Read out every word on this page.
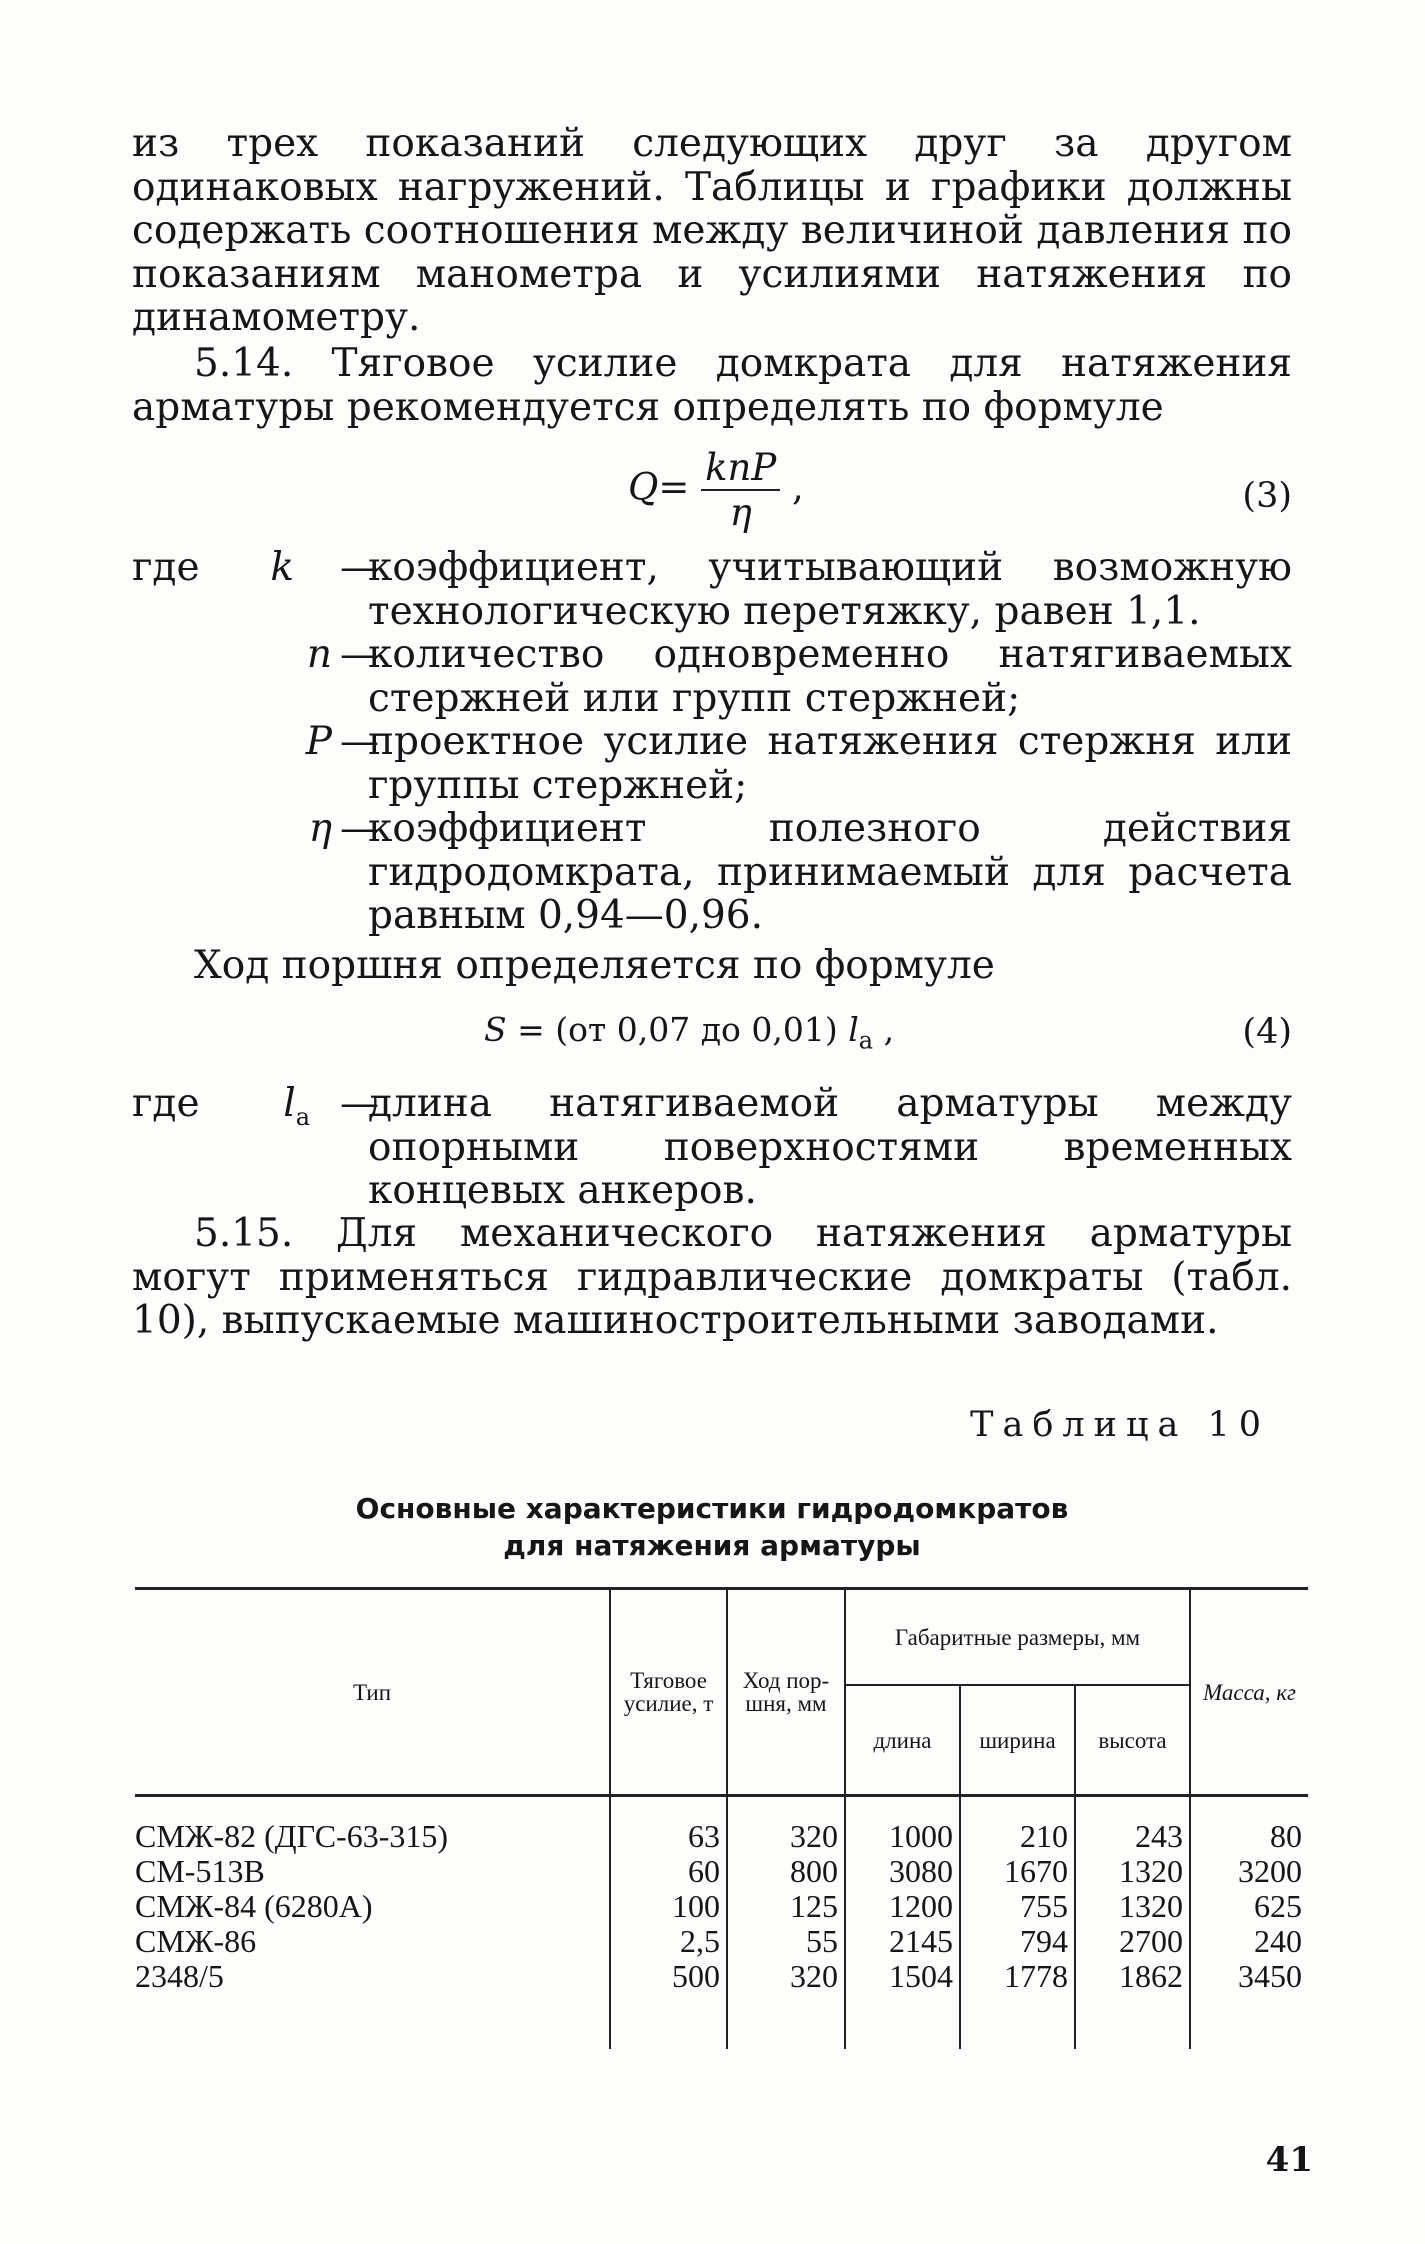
из трех показаний следующих друг за другом одинаковых нагружений. Таблицы и графики должны содержать соотношения между величиной давления по показаниям манометра и усилиями натяжения по динамометру.

5.14. Тяговое усилие домкрата для натяжения арматуры рекомендуется определять по формуле

$Q= \frac{\text{knP}}{\eta}$ ,	(3)
где	k —
коэффициент, учитывающий возможную технологическую перетяжку, равен 1,1.
n —
количество одновременно натягиваемых стержней или групп стержней;
P —
проектное усилие натяжения стержня или группы стержней;
η —
коэффициент полезного действия гидродомкрата, принимаемый для расчета равным 0,94—0,96.

Ход поршня определяется по формуле

S = (от 0,07 до 0,01) $l_a$ ,	(4)
где	$l_a$ —
длина натягиваемой арматуры между опорными поверхностями временных концевых анкеров.

5.15. Для механического натяжения арматуры могут применяться гидравлические домкраты (табл. 10), выпускаемые машиностроительными заводами.

Таблица 10
Основные характеристики гидродомкратов
для натяжения арматуры
Тип	Тяговое усилие, т	Ход пор-шня, мм	Габаритные размеры, мм			Масса, кг
			длина	ширина	высота	

СМЖ-82 (ДГС-63-315)	63	320	1000	210	243	80
СМ-513В	60	800	3080	1670	1320	3200
СМЖ-84 (6280А)	100	125	1200	755	1320	625
СМЖ-86	2,5	55	2145	794	2700	240
2348/5	500	320	1504	1778	1862	3450

41
